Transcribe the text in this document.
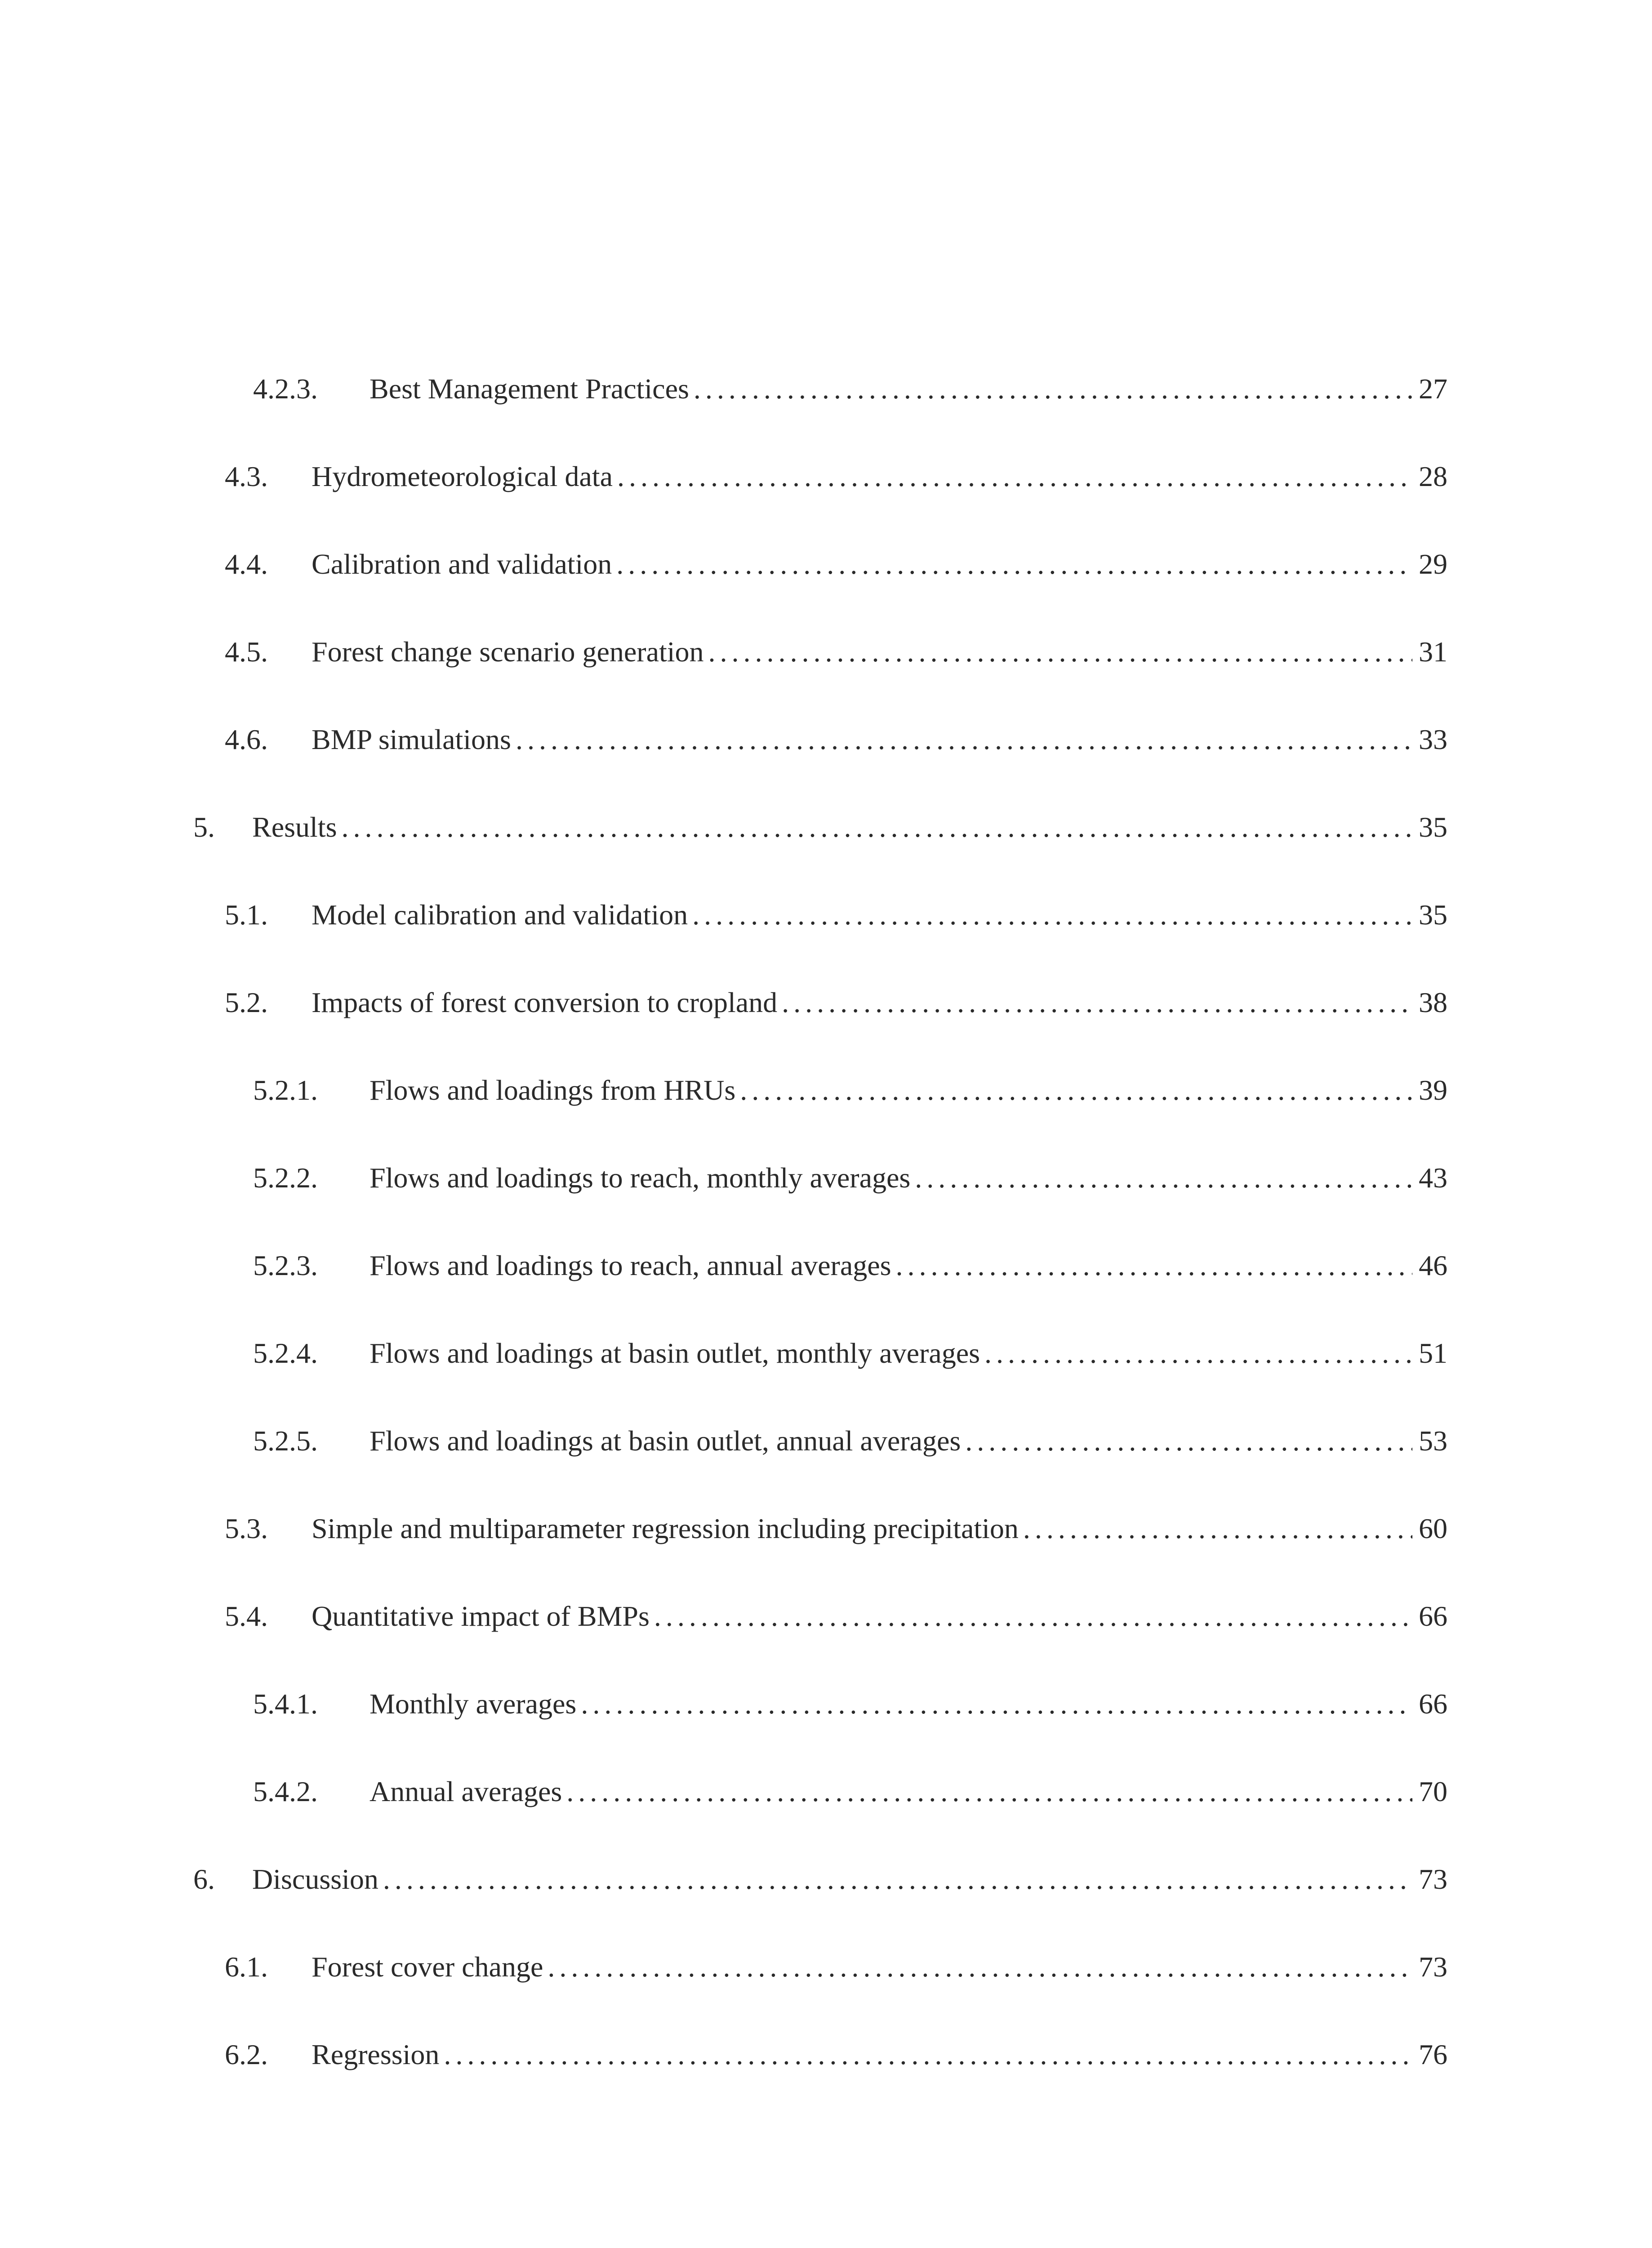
4.2.3.	Best Management Practices . . .	27
4.3.	Hydrometeorological data . . .	28
4.4.	Calibration and validation . . .	29
4.5.	Forest change scenario generation . . .	31
4.6.	BMP simulations . . .	33
5.	Results . . .	35
5.1.	Model calibration and validation . . .	35
5.2.	Impacts of forest conversion to cropland . . .	38
5.2.1.	Flows and loadings from HRUs . . .	39
5.2.2.	Flows and loadings to reach, monthly averages . . .	43
5.2.3.	Flows and loadings to reach, annual averages . . .	46
5.2.4.	Flows and loadings at basin outlet, monthly averages . . .	51
5.2.5.	Flows and loadings at basin outlet, annual averages . . .	53
5.3.	Simple and multiparameter regression including precipitation . . .	60
5.4.	Quantitative impact of BMPs . . .	66
5.4.1.	Monthly averages . . .	66
5.4.2.	Annual averages . . .	70
6.	Discussion . . .	73
6.1.	Forest cover change . . .	73
6.2.	Regression . . .	76
